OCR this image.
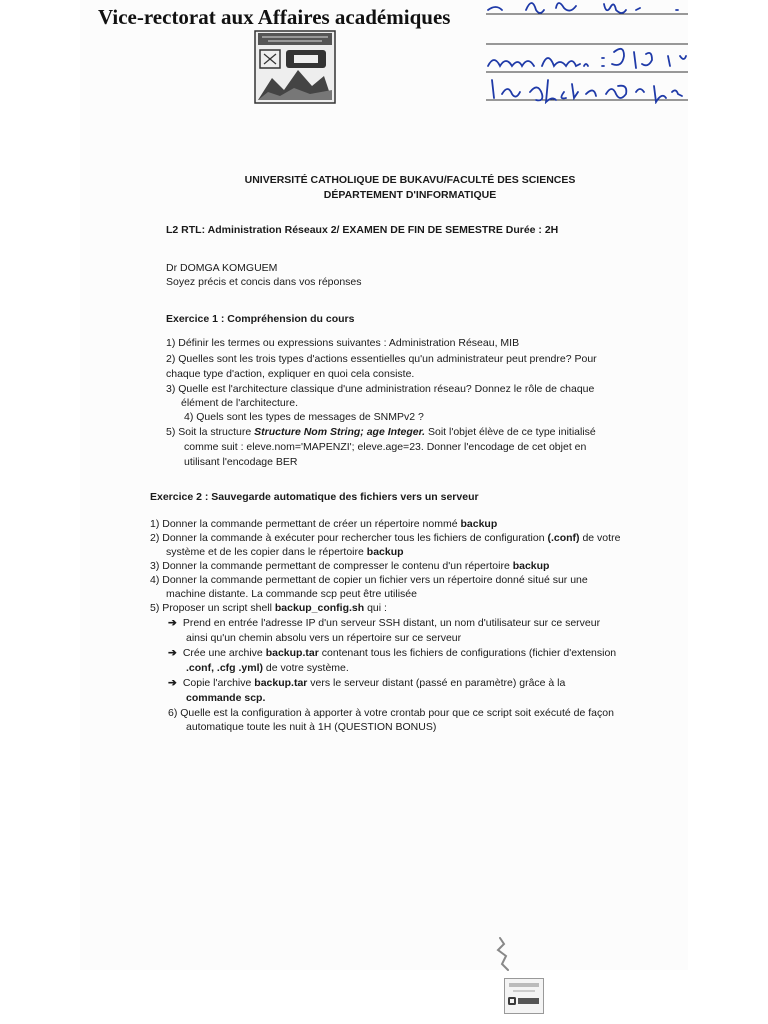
Vice-rectorat aux Affaires académiques

UNIVERSITÉ CATHOLIQUE DE BUKAVU/FACULTÉ DES SCIENCES

DÉPARTEMENT D'INFORMATIQUE

L2 RTL: Administration Réseaux 2/ EXAMEN DE FIN DE SEMESTRE Durée : 2H

Dr DOMGA KOMGUEM

Soyez précis et concis dans vos réponses

Exercice 1 : Compréhension du cours

1) Définir les termes ou expressions suivantes : Administration Réseau, MIB

2) Quelles sont les trois types d'actions essentielles qu'un administrateur peut prendre? Pour

chaque type d'action, expliquer en quoi cela consiste.

3) Quelle est l'architecture classique d'une administration réseau? Donnez le rôle de chaque

élément de l'architecture.

4) Quels sont les types de messages de SNMPv2 ?

5) Soit la structure Structure Nom String; age Integer. Soit l'objet élève de ce type initialisé

comme suit : eleve.nom='MAPENZI'; eleve.age=23. Donner l'encodage de cet objet en

utilisant l'encodage BER

Exercice 2 : Sauvegarde automatique des fichiers vers un serveur

1) Donner la commande permettant de créer un répertoire nommé backup

2) Donner la commande à exécuter pour rechercher tous les fichiers de configuration (.conf) de votre

système et de les copier dans le répertoire backup

3) Donner la commande permettant de compresser le contenu d'un répertoire backup

4) Donner la commande permettant de copier un fichier vers un répertoire donné situé sur une

machine distante. La commande scp peut être utilisée

5) Proposer un script shell backup_config.sh qui :

➔ Prend en entrée l'adresse IP d'un serveur SSH distant, un nom d'utilisateur sur ce serveur

ainsi qu'un chemin absolu vers un répertoire sur ce serveur

➔ Crée une archive backup.tar contenant tous les fichiers de configurations (fichier d'extension

.conf, .cfg .yml) de votre système.

➔ Copie l'archive backup.tar vers le serveur distant (passé en paramètre) grâce à la

commande scp.

6) Quelle est la configuration à apporter à votre crontab pour que ce script soit exécuté de façon

automatique toute les nuit à 1H (QUESTION BONUS)
